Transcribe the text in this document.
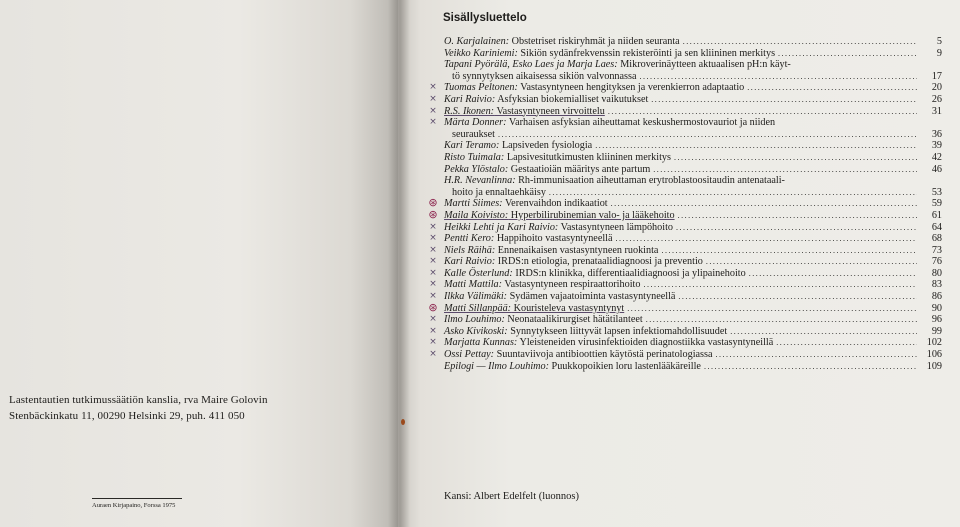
Lastentautien tutkimussäätiön kanslia, rva Maire Golovin
Stenbäckinkatu 11, 00290 Helsinki 29, puh. 411 050
Auraen Kirjapaino, Forssa 1975
Sisällysluettelo
O. Karjalainen: Obstetriset riskiryhmät ja niiden seuranta .....	5
Veikko Kariniemi: Sikiön sydänfrekvenssin rekisteröinti ja sen kliininen merkitys .....	9
Tapani Pyörälä, Esko Laes ja Marja Laes: Mikroverinäytteen aktuaalisen pH:n käyt-
tö synnytyksen aikaisessa sikiön valvonnassa .....	17
× Tuomas Peltonen: Vastasyntyneen hengityksen ja verenkierron adaptaatio .....	20
× Kari Raivio: Asfyksian biokemialliset vaikutukset .....	26
× R.S. Ikonen: Vastasyntyneen virvoittelu .....	31
× Märta Donner: Varhaisen asfyksian aiheuttamat keskushermostovauriot ja niiden
seuraukset .....	36
Kari Teramo: Lapsiveden fysiologia .....	39
Risto Tuimala: Lapsivesitutkimusten kliininen merkitys .....	42
Pekka Ylöstalo: Gestaatioiän määritys ante partum .....	46
H.R. Nevanlinna: Rh-immunisaation aiheuttaman erytroblastoositaudin antenataali-
hoito ja ennaltaehkäisy .....	53
⊛ Martti Siimes: Verenvaihdon indikaatiot .....	59
⊛ Maila Koivisto: Hyperbilirubinemian valo- ja lääkehoito .....	61
× Heikki Lehti ja Kari Raivio: Vastasyntyneen lämpöhoito .....	64
× Pentti Kero: Happihoito vastasyntyneellä .....	68
× Niels Räihä: Ennenaikaisen vastasyntyneen ruokinta .....	73
× Kari Raivio: IRDS:n etiologia, prenataalidiagnoosi ja preventio .....	76
× Kalle Österlund: IRDS:n klinikka, differentiaalidiagnoosi ja ylipainehoito .....	80
× Matti Mattila: Vastasyntyneen respiraattorihoito .....	83
× Ilkka Välimäki: Sydämen vajaatoiminta vastasyntyneellä .....	86
⊛ Matti Sillanpää: Kouristeleva vastasyntynyt .....	90
× Ilmo Louhimo: Neonataalikirurgiset hätätilanteet .....	96
× Asko Kivikoski: Synnytykseen liittyvät lapsen infektiomahdollisuudet .....	99
× Marjatta Kunnas: Yleisteneiden virusinfektioiden diagnostiikka vastasyntyneillä .....	102
× Ossi Pettay: Suuntaviivoja antibioottien käytöstä perinatologiassa .....	106
Epilogi — Ilmo Louhimo: Puukkopoikien loru lastenlääkäreille .....	109
Kansi: Albert Edelfelt (luonnos)
